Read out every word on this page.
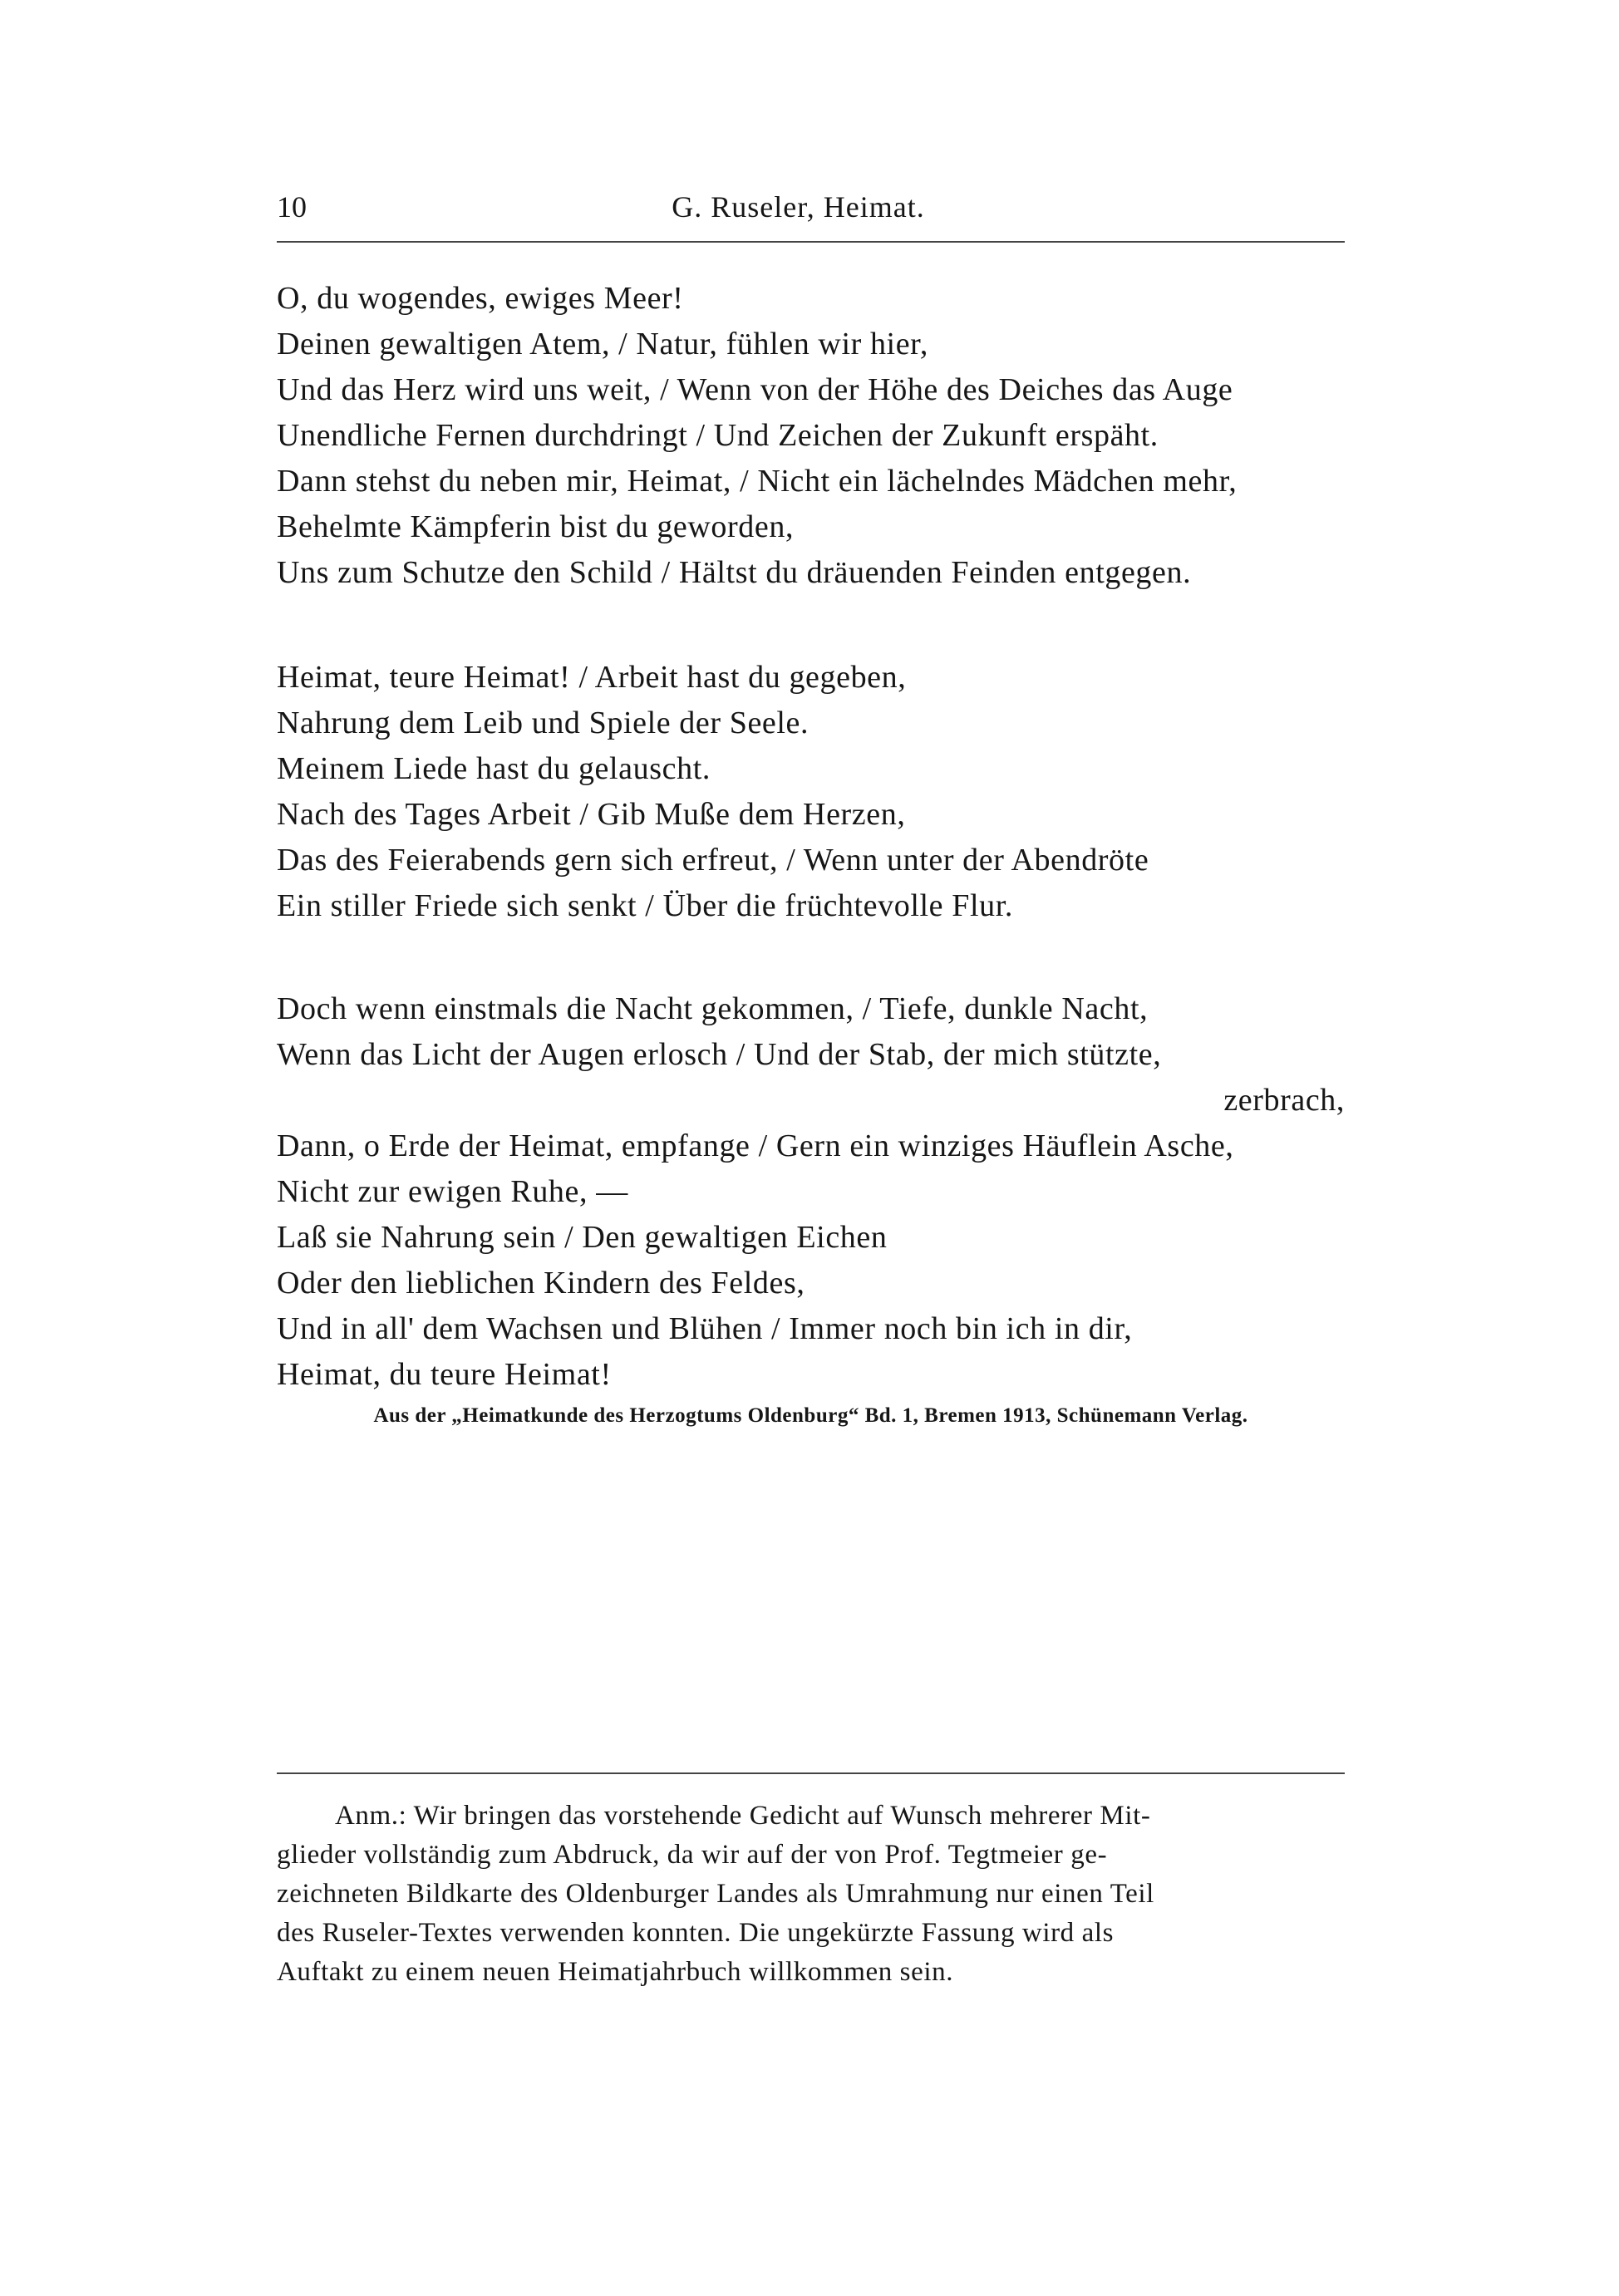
10	G. Ruseler, Heimat.
O, du wogendes, ewiges Meer!
Deinen gewaltigen Atem, / Natur, fühlen wir hier,
Und das Herz wird uns weit, / Wenn von der Höhe des Deiches das Auge
Unendliche Fernen durchdringt / Und Zeichen der Zukunft erspäht.
Dann stehst du neben mir, Heimat, / Nicht ein lächelndes Mädchen mehr,
Behelmte Kämpferin bist du geworden,
Uns zum Schutze den Schild / Hältst du dräuenden Feinden entgegen.
Heimat, teure Heimat! / Arbeit hast du gegeben,
Nahrung dem Leib und Spiele der Seele.
Meinem Liede hast du gelauscht.
Nach des Tages Arbeit / Gib Muße dem Herzen,
Das des Feierabends gern sich erfreut, / Wenn unter der Abendröte
Ein stiller Friede sich senkt / Über die früchtevolle Flur.
Doch wenn einstmals die Nacht gekommen, / Tiefe, dunkle Nacht,
Wenn das Licht der Augen erlosch / Und der Stab, der mich stützte,
zerbrach,
Dann, o Erde der Heimat, empfange / Gern ein winziges Häuflein Asche,
Nicht zur ewigen Ruhe, —
Laß sie Nahrung sein / Den gewaltigen Eichen
Oder den lieblichen Kindern des Feldes,
Und in all' dem Wachsen und Blühen / Immer noch bin ich in dir,
Heimat, du teure Heimat!
Aus der „Heimatkunde des Herzogtums Oldenburg“ Bd. 1, Bremen 1913, Schünemann Verlag.
Anm.: Wir bringen das vorstehende Gedicht auf Wunsch mehrerer Mit-
glieder vollständig zum Abdruck, da wir auf der von Prof. Tegtmeier ge-
zeichneten Bildkarte des Oldenburger Landes als Umrahmung nur einen Teil
des Ruseler-Textes verwenden konnten. Die ungekürzte Fassung wird als
Auftakt zu einem neuen Heimatjahrbuch willkommen sein.
